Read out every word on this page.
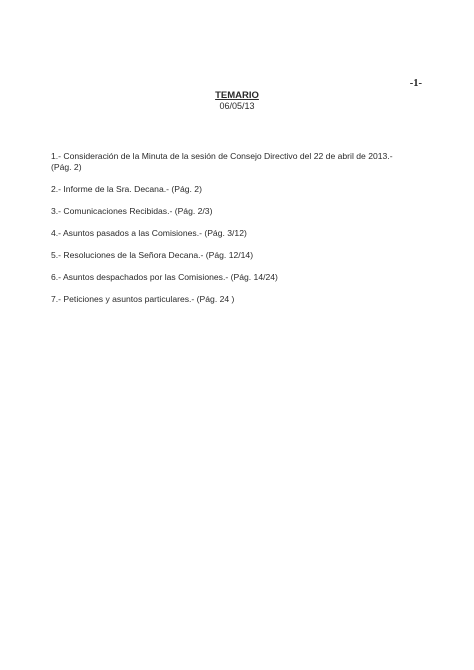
-1-
TEMARIO
06/05/13
1.- Consideración de la Minuta de la sesión de Consejo Directivo del 22 de abril de 2013.-
(Pág. 2)
2.- Informe de la Sra. Decana.- (Pág. 2)
3.- Comunicaciones Recibidas.- (Pág. 2/3)
4.- Asuntos pasados a las Comisiones.- (Pág. 3/12)
5.- Resoluciones de la Señora Decana.- (Pág. 12/14)
6.- Asuntos despachados por las Comisiones.- (Pág. 14/24)
7.- Peticiones y asuntos particulares.- (Pág. 24 )
